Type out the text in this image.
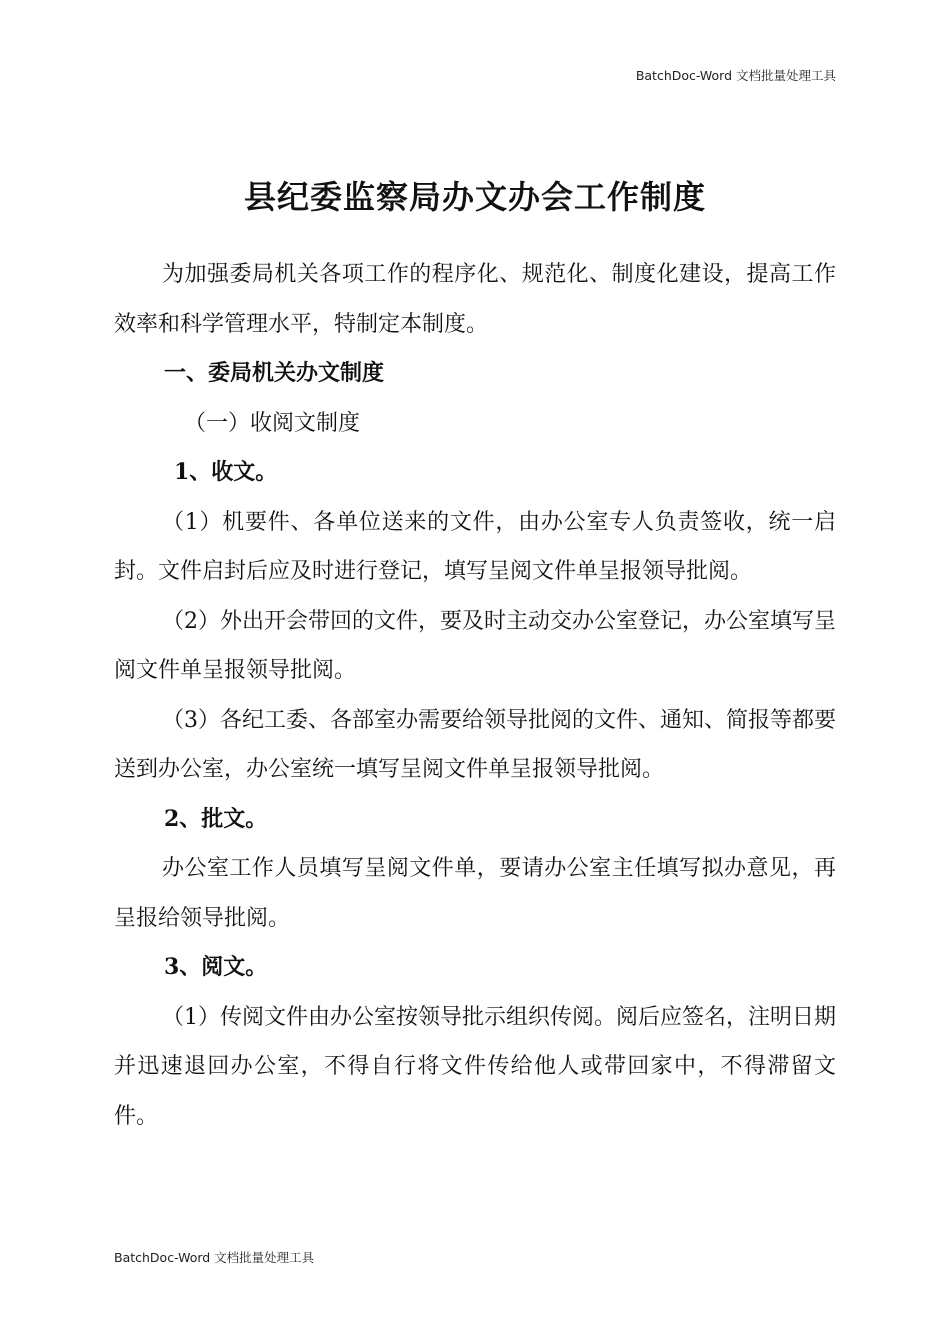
BatchDoc-Word 文档批量处理工具
县纪委监察局办文办会工作制度

为加强委局机关各项工作的程序化、规范化、制度化建设，提高工作效率和科学管理水平，特制定本制度。

一、委局机关办文制度

（一）收阅文制度

1、收文。

（1）机要件、各单位送来的文件，由办公室专人负责签收，统一启封。文件启封后应及时进行登记，填写呈阅文件单呈报领导批阅。

（2）外出开会带回的文件，要及时主动交办公室登记，办公室填写呈阅文件单呈报领导批阅。

（3）各纪工委、各部室办需要给领导批阅的文件、通知、简报等都要送到办公室，办公室统一填写呈阅文件单呈报领导批阅。

2、批文。

办公室工作人员填写呈阅文件单，要请办公室主任填写拟办意见，再呈报给领导批阅。

3、阅文。

（1）传阅文件由办公室按领导批示组织传阅。阅后应签名，注明日期并迅速退回办公室，不得自行将文件传给他人或带回家中，不得滞留文件。

BatchDoc-Word 文档批量处理工具
